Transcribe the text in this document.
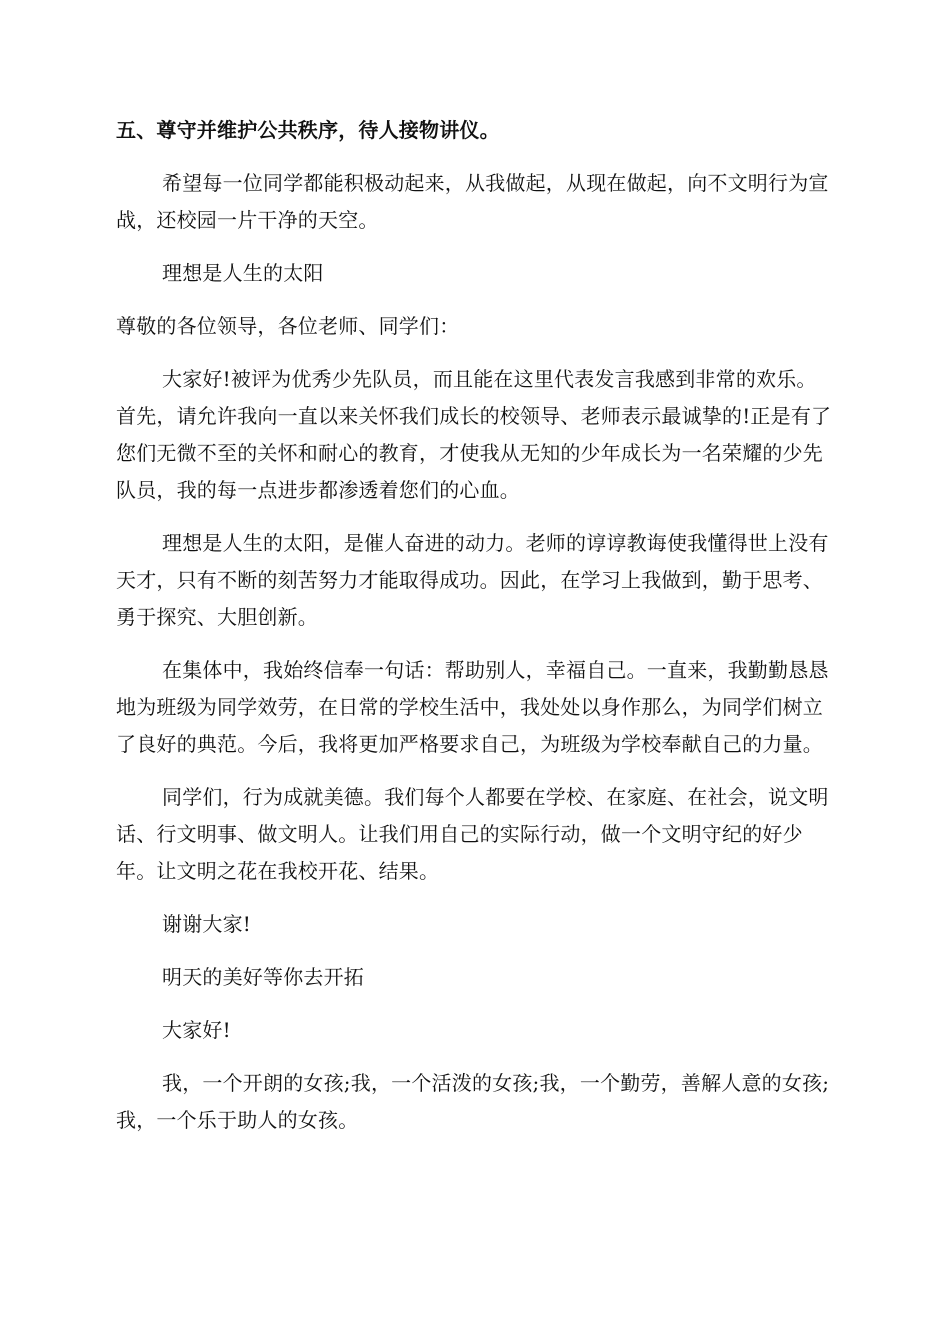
五、尊守并维护公共秩序，待人接物讲仪。

希望每一位同学都能积极动起来，从我做起，从现在做起，向不文明行为宣战，还校园一片干净的天空。

理想是人生的太阳

尊敬的各位领导，各位老师、同学们：

大家好!被评为优秀少先队员，而且能在这里代表发言我感到非常的欢乐。首先，请允许我向一直以来关怀我们成长的校领导、老师表示最诚挚的!正是有了您们无微不至的关怀和耐心的教育，才使我从无知的少年成长为一名荣耀的少先队员，我的每一点进步都渗透着您们的心血。

理想是人生的太阳，是催人奋进的动力。老师的谆谆教诲使我懂得世上没有天才，只有不断的刻苦努力才能取得成功。因此，在学习上我做到，勤于思考、勇于探究、大胆创新。

在集体中，我始终信奉一句话：帮助别人，幸福自己。一直来，我勤勤恳恳地为班级为同学效劳，在日常的学校生活中，我处处以身作那么，为同学们树立了良好的典范。今后，我将更加严格要求自己，为班级为学校奉献自己的力量。

同学们，行为成就美德。我们每个人都要在学校、在家庭、在社会，说文明话、行文明事、做文明人。让我们用自己的实际行动，做一个文明守纪的好少年。让文明之花在我校开花、结果。

谢谢大家!

明天的美好等你去开拓

大家好!

我，一个开朗的女孩;我，一个活泼的女孩;我，一个勤劳，善解人意的女孩;我，一个乐于助人的女孩。
